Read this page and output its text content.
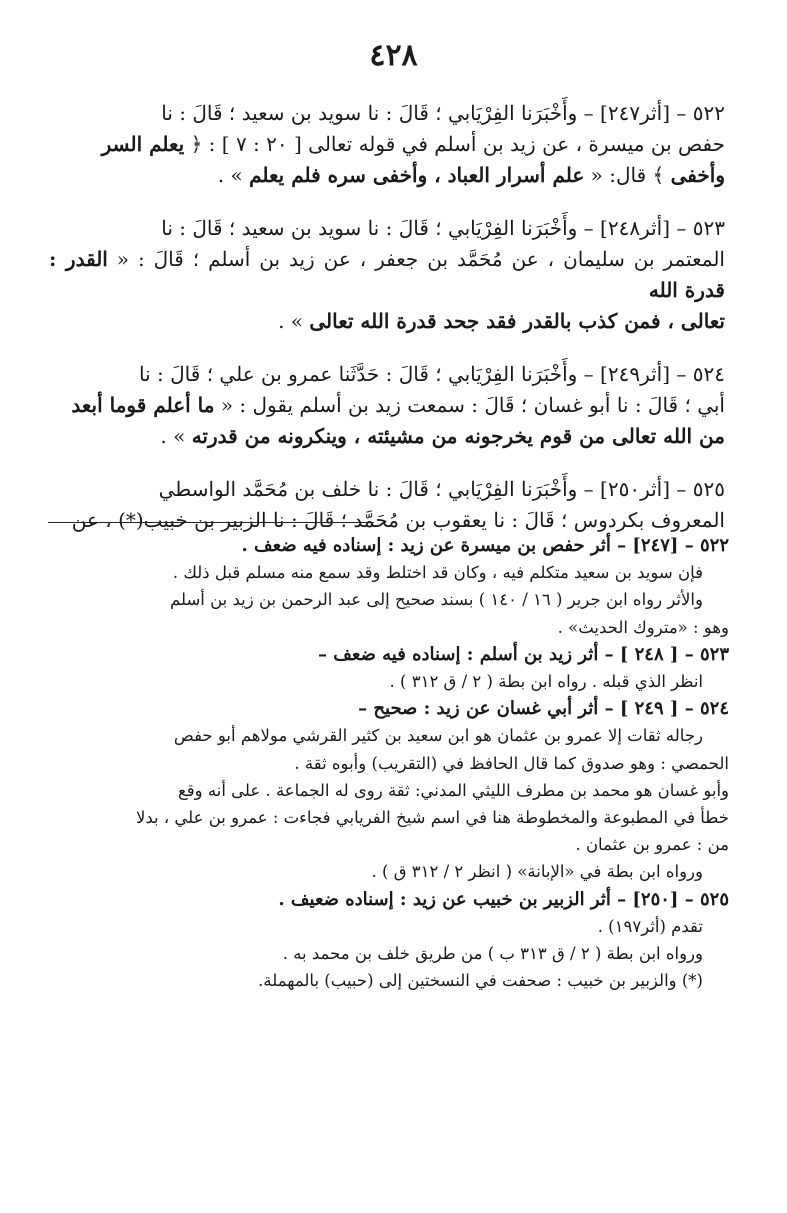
٤٢٨
٥٢٢ – [أثر٢٤٧] – وأَخْبَرَنا الفِرْيَابي ؛ قَالَ : نا سويد بن سعيد ؛ قَالَ : نا
حفص بن ميسرة ، عن زيد بن أسلم في قوله تعالى [ ٢٠ : ٧ ] : ﴿ يعلم السر
وأخفى ﴾ قال: « علم أسرار العباد ، وأخفى سره فلم يعلم » .
٥٢٣ – [أثر٢٤٨] – وأَخْبَرَنا الفِرْيَابي ؛ قَالَ : نا سويد بن سعيد ؛ قَالَ : نا
المعتمر بن سليمان ، عن مُحَمَّد بن جعفر ، عن زيد بن أسلم ؛ قَالَ : « القدر : قدرة الله
تعالى ، فمن كذب بالقدر فقد جحد قدرة الله تعالى » .
٥٢٤ – [أثر٢٤٩] – وأَخْبَرَنا الفِرْيَابي ؛ قَالَ : حَدَّثَنا عمرو بن علي ؛ قَالَ : نا
أبي ؛ قَالَ : نا أبو غسان ؛ قَالَ : سمعت زيد بن أسلم يقول : « ما أعلم قوما أبعد
من الله تعالى من قوم يخرجونه من مشيئته ، وينكرونه من قدرته » .
٥٢٥ – [أثر٢٥٠] – وأَخْبَرَنا الفِرْيَابي ؛ قَالَ : نا خلف بن مُحَمَّد الواسطي
المعروف بكردوس ؛ قَالَ : نا يعقوب بن مُحَمَّد ؛ قَالَ : نا الزبير بن خبيب(*) ، عن
٥٢٢ – [٢٤٧] – أثر حفص بن ميسرة عن زيد : إسناده فيه ضعف .
فإن سويد بن سعيد متكلم فيه ، وكان قد اختلط وقد سمع منه مسلم قبل ذلك .
والأثر رواه ابن جرير ( ١٦ / ١٤٠ ) بسند صحيح إلى عبد الرحمن بن زيد بن أسلم
وهو : «متروك الحديث» .
٥٢٣ – [ ٢٤٨ ] – أثر زيد بن أسلم : إسناده فيه ضعف –
انظر الذي قبله . رواه ابن بطة ( ٢ / ق ٣١٢ ) .
٥٢٤ – [ ٢٤٩ ] – أثر أبي غسان عن زيد : صحيح –
رجاله ثقات إلا عمرو بن عثمان هو ابن سعيد بن كثير القرشي مولاهم أبو حفص
الحمصي : وهو صدوق كما قال الحافظ في (التقريب) وأبوه ثقة .
وأبو غسان هو محمد بن مطرف الليثي المدني: ثقة روى له الجماعة . على أنه وقع
خطأ في المطبوعة والمخطوطة هنا في اسم شيخ الفريابي فجاءت : عمرو بن علي ، بدلا
من : عمرو بن عثمان .
ورواه ابن بطة في «الإبانة» ( انظر ٢ / ٣١٢ ق ) .
٥٢٥ – [٢٥٠] – أثر الزبير بن خبيب عن زيد : إسناده ضعيف .
تقدم (أثر١٩٧) .
ورواه ابن بطة ( ٢ / ق ٣١٣ ب ) من طريق خلف بن محمد به .
(*) والزبير بن خبيب : صحفت في النسختين إلى (حبيب) بالمهملة.
